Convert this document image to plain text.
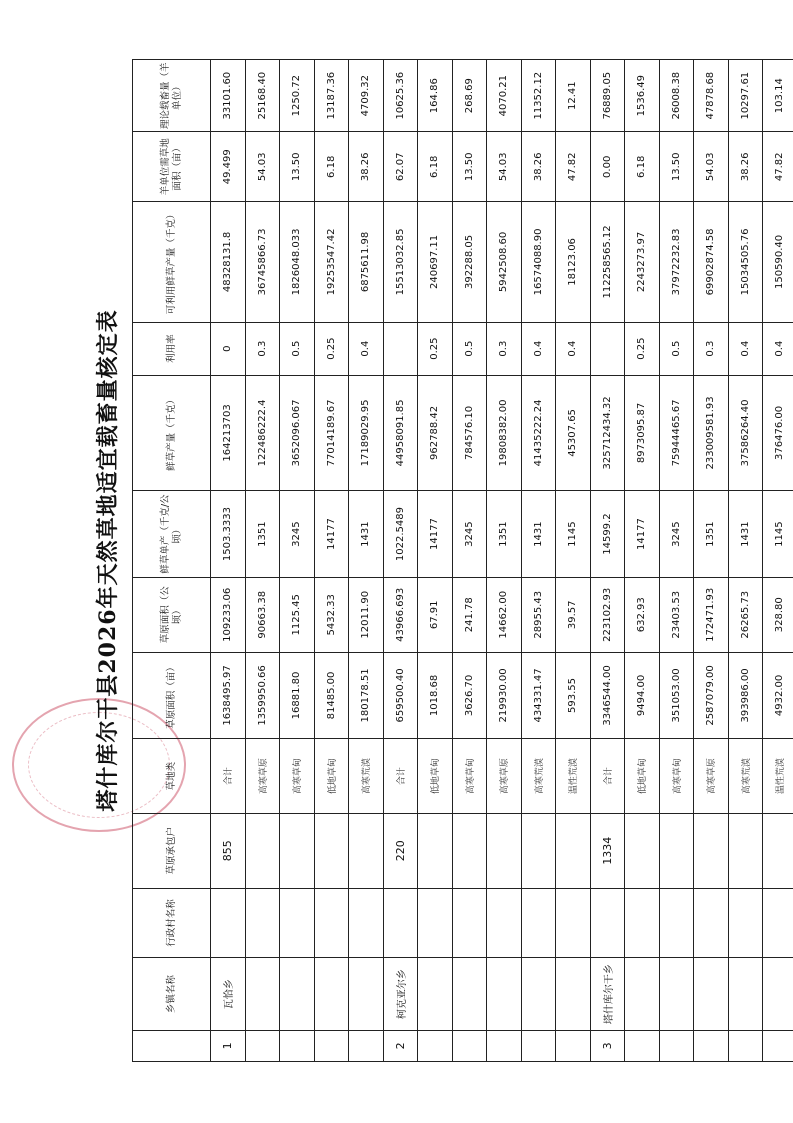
塔什库尔干县2026年天然草地适宜载畜量核定表
	乡镇名称	行政村名称	草原承包户	草地类	草原面积（亩）	草原面积（公顷）	鲜草单产（千克/公顷）	鲜草产量（千克）	利用率	可利用鲜草产量（千克）	羊单位需草地面积（亩）	理论载畜量（羊单位）
1	瓦恰乡		855	合计	1638495.97	109233.06	1503.3333	164213703	0	48328131.8	49.499	33101.60
				高寒草原	1359950.66	90663.38	1351	122486222.4	0.3	36745866.73	54.03	25168.40
				高寒草甸	16881.80	1125.45	3245	3652096.067	0.5	1826048.033	13.50	1250.72
				低地草甸	81485.00	5432.33	14177	77014189.67	0.25	19253547.42	6.18	13187.36
				高寒荒漠	180178.51	12011.90	1431	17189029.95	0.4	6875611.98	38.26	4709.32
2	柯克亚尔乡		220	合计	659500.40	43966.693	1022.5489	44958091.85		15513032.85	62.07	10625.36
				低地草甸	1018.68	67.91	14177	962788.42	0.25	240697.11	6.18	164.86
				高寒草甸	3626.70	241.78	3245	784576.10	0.5	392288.05	13.50	268.69
				高寒草原	219930.00	14662.00	1351	19808382.00	0.3	5942508.60	54.03	4070.21
				高寒荒漠	434331.47	28955.43	1431	41435222.24	0.4	16574088.90	38.26	11352.12
				温性荒漠	593.55	39.57	1145	45307.65	0.4	18123.06	47.82	12.41
3	塔什库尔干乡		1334	合计	3346544.00	223102.93	14599.2	325712434.32		112258565.12	0.00	76889.05
				低地草甸	9494.00	632.93	14177	8973095.87	0.25	2243273.97	6.18	1536.49
				高寒草甸	351053.00	23403.53	3245	75944465.67	0.5	37972232.83	13.50	26008.38
				高寒草原	2587079.00	172471.93	1351	233009581.93	0.3	69902874.58	54.03	47878.68
				高寒荒漠	393986.00	26265.73	1431	37586264.40	0.4	15034505.76	38.26	10297.61
				温性荒漠	4932.00	328.80	1145	376476.00	0.4	150590.40	47.82	103.14
